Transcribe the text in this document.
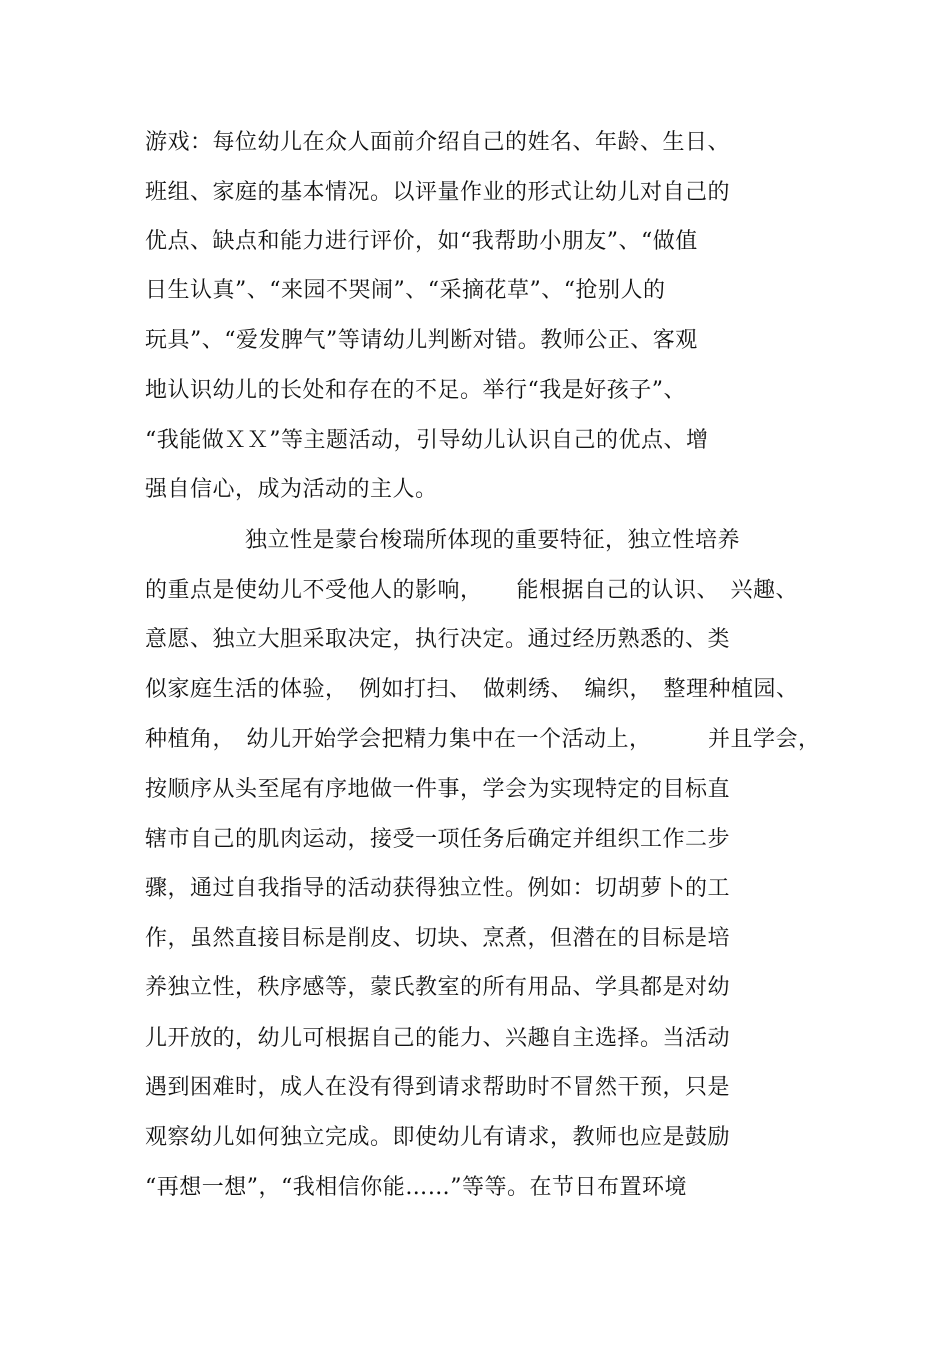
游戏：每位幼儿在众人面前介绍自己的姓名、年龄、生日、
班组、家庭的基本情况。以评量作业的形式让幼儿对自己的
优点、缺点和能力进行评价，如“我帮助小朋友”、“做值
日生认真”、“来园不哭闹”、“采摘花草”、“抢别人的
玩具”、“爱发脾气”等请幼儿判断对错。教师公正、客观
地认识幼儿的长处和存在的不足。举行“我是好孩子”、
“我能做ＸＸ”等主题活动，引导幼儿认识自己的优点、增
强自信心，成为活动的主人。
独立性是蒙台梭瑞所体现的重要特征，独立性培养
的重点是使幼儿不受他人的影响，　　能根据自己的认识、　兴趣、
意愿、独立大胆采取决定，执行决定。通过经历熟悉的、类
似家庭生活的体验，　例如打扫、　做刺绣、　编织，　整理种植园、
种植角，　幼儿开始学会把精力集中在一个活动上，　　　并且学会，
按顺序从头至尾有序地做一件事，学会为实现特定的目标直
辖市自己的肌肉运动，接受一项任务后确定并组织工作二步
骤，通过自我指导的活动获得独立性。例如：切胡萝卜的工
作，虽然直接目标是削皮、切块、烹煮，但潜在的目标是培
养独立性，秩序感等，蒙氏教室的所有用品、学具都是对幼
儿开放的，幼儿可根据自己的能力、兴趣自主选择。当活动
遇到困难时，成人在没有得到请求帮助时不冒然干预，只是
观察幼儿如何独立完成。即使幼儿有请求，教师也应是鼓励
“再想一想”，“我相信你能……”等等。在节日布置环境
